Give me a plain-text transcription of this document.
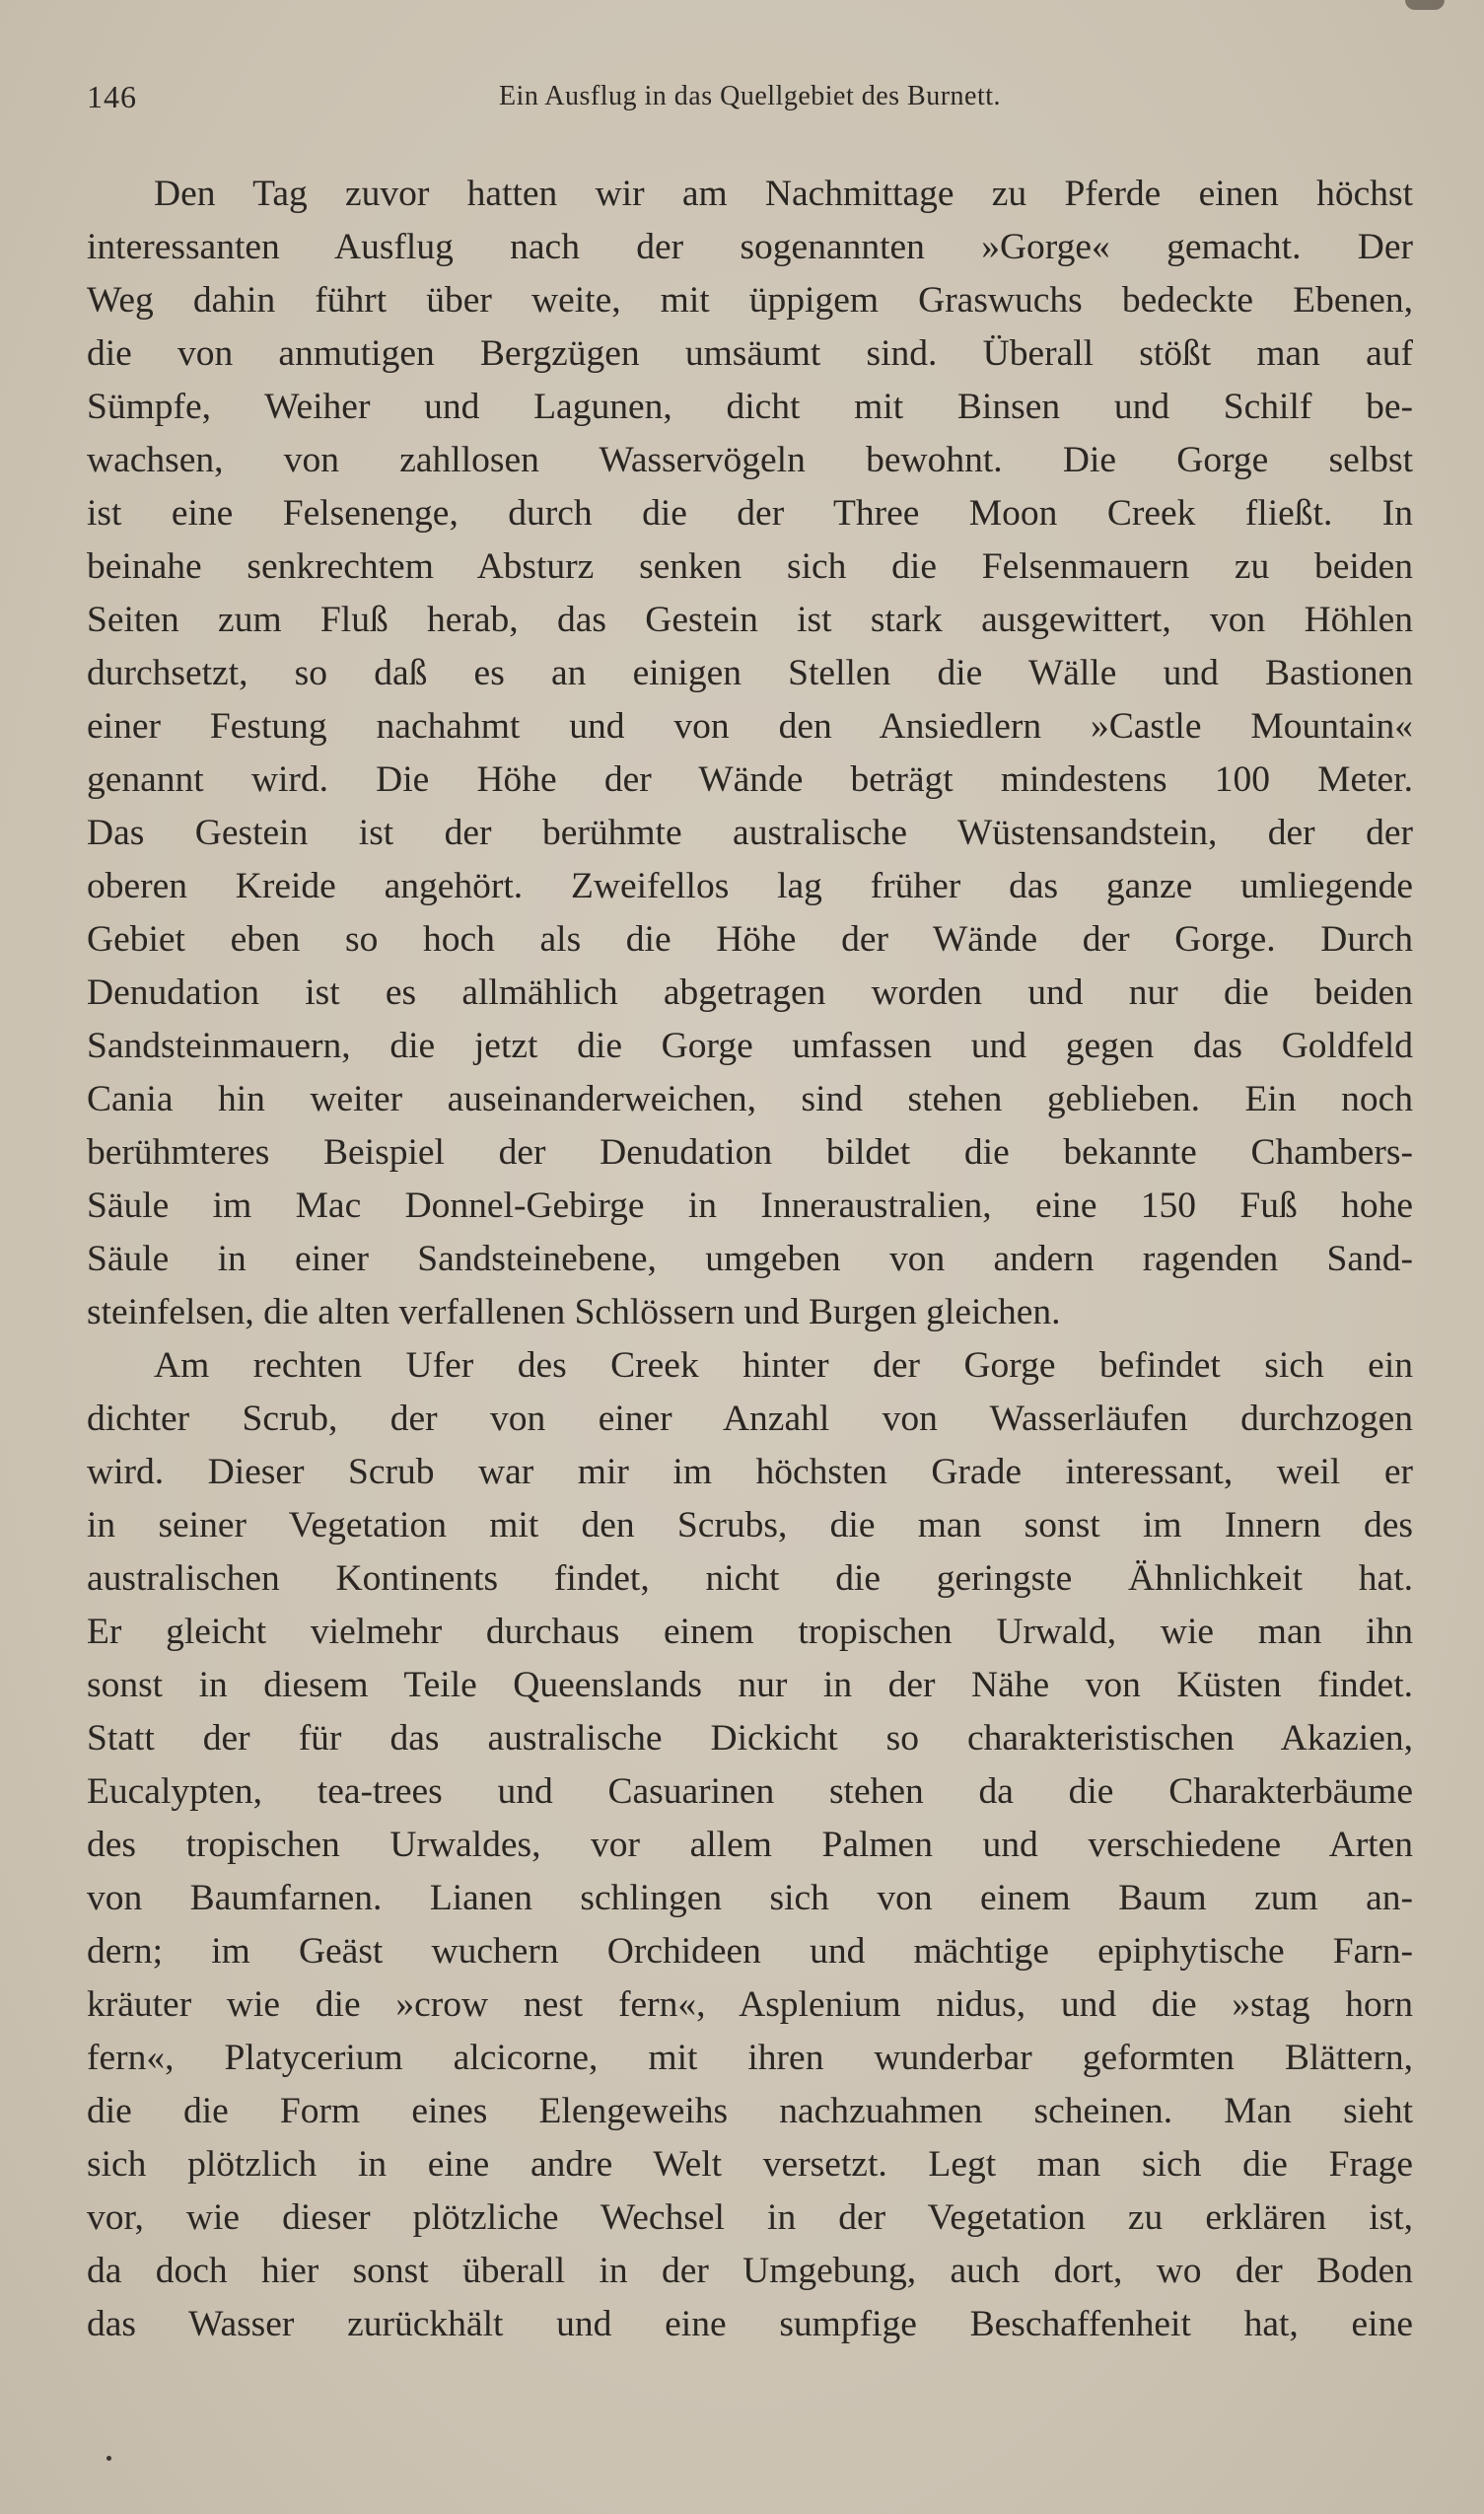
146	Ein Ausflug in das Quellgebiet des Burnett.
Den Tag zuvor hatten wir am Nachmittage zu Pferde einen höchst
interessanten Ausflug nach der sogenannten »Gorge« gemacht. Der
Weg dahin führt über weite, mit üppigem Graswuchs bedeckte Ebenen,
die von anmutigen Bergzügen umsäumt sind. Überall stößt man auf
Sümpfe, Weiher und Lagunen, dicht mit Binsen und Schilf be-
wachsen, von zahllosen Wasservögeln bewohnt. Die Gorge selbst
ist eine Felsenenge, durch die der Three Moon Creek fließt. In
beinahe senkrechtem Absturz senken sich die Felsenmauern zu beiden
Seiten zum Fluß herab, das Gestein ist stark ausgewittert, von Höhlen
durchsetzt, so daß es an einigen Stellen die Wälle und Bastionen
einer Festung nachahmt und von den Ansiedlern »Castle Mountain«
genannt wird. Die Höhe der Wände beträgt mindestens 100 Meter.
Das Gestein ist der berühmte australische Wüstensandstein, der der
oberen Kreide angehört. Zweifellos lag früher das ganze umliegende
Gebiet eben so hoch als die Höhe der Wände der Gorge. Durch
Denudation ist es allmählich abgetragen worden und nur die beiden
Sandsteinmauern, die jetzt die Gorge umfassen und gegen das Goldfeld
Cania hin weiter auseinanderweichen, sind stehen geblieben. Ein noch
berühmteres Beispiel der Denudation bildet die bekannte Chambers-
Säule im Mac Donnel-Gebirge in Inneraustralien, eine 150 Fuß hohe
Säule in einer Sandsteinebene, umgeben von andern ragenden Sand-
steinfelsen, die alten verfallenen Schlössern und Burgen gleichen.
Am rechten Ufer des Creek hinter der Gorge befindet sich ein
dichter Scrub, der von einer Anzahl von Wasserläufen durchzogen
wird. Dieser Scrub war mir im höchsten Grade interessant, weil er
in seiner Vegetation mit den Scrubs, die man sonst im Innern des
australischen Kontinents findet, nicht die geringste Ähnlichkeit hat.
Er gleicht vielmehr durchaus einem tropischen Urwald, wie man ihn
sonst in diesem Teile Queenslands nur in der Nähe von Küsten findet.
Statt der für das australische Dickicht so charakteristischen Akazien,
Eucalypten, tea-trees und Casuarinen stehen da die Charakterbäume
des tropischen Urwaldes, vor allem Palmen und verschiedene Arten
von Baumfarnen. Lianen schlingen sich von einem Baum zum an-
dern; im Geäst wuchern Orchideen und mächtige epiphytische Farn-
kräuter wie die »crow nest fern«, Asplenium nidus, und die »stag horn
fern«, Platycerium alcicorne, mit ihren wunderbar geformten Blättern,
die die Form eines Elengeweihs nachzuahmen scheinen. Man sieht
sich plötzlich in eine andre Welt versetzt. Legt man sich die Frage
vor, wie dieser plötzliche Wechsel in der Vegetation zu erklären ist,
da doch hier sonst überall in der Umgebung, auch dort, wo der Boden
das Wasser zurückhält und eine sumpfige Beschaffenheit hat, eine
